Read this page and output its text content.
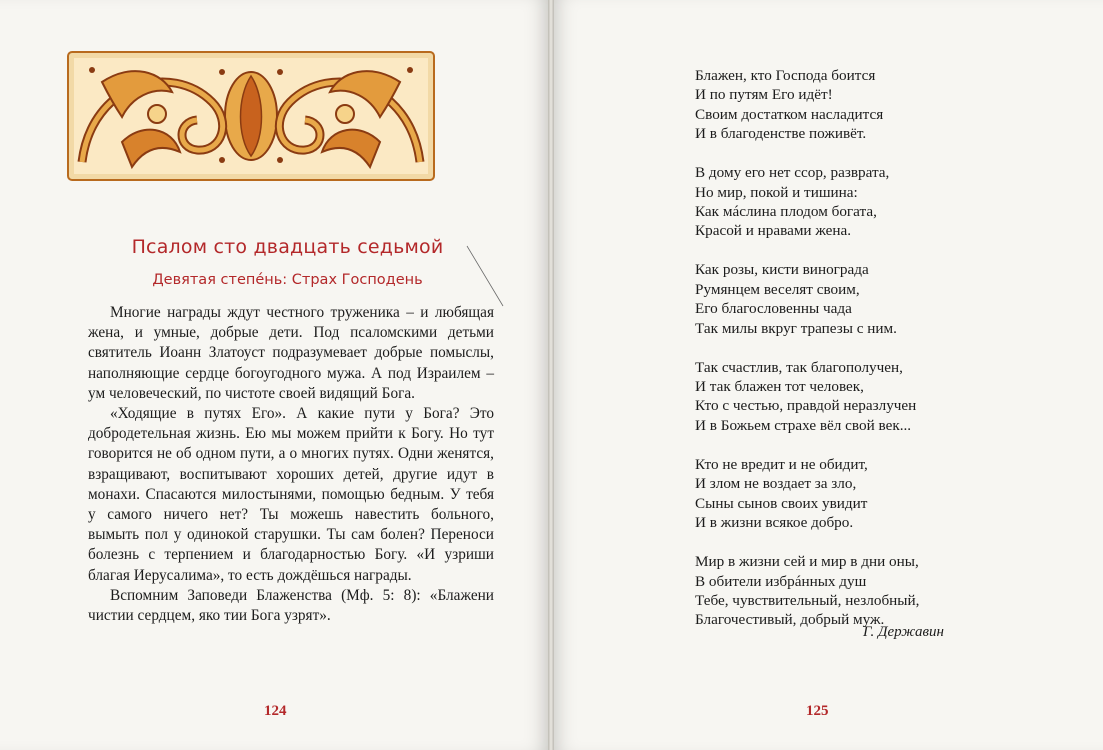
Псалом сто двадцать седьмой
Девятая степéнь: Страх Господень

Многие награды ждут честного труженика – и любящая жена, и умные, добрые дети. Под псаломскими детьми святитель Иоанн Златоуст подразумевает добрые помыслы, наполняющие сердце богоугодного мужа. А под Израилем – ум человеческий, по чистоте своей видящий Бога.

«Ходящие в путях Его». А какие пути у Бога? Это добродетельная жизнь. Ею мы можем прийти к Богу. Но тут говорится не об одном пути, а о многих путях. Одни женятся, взращивают, воспитывают хороших детей, другие идут в монахи. Спасаются милостынями, помощью бедным. У тебя у самого ничего нет? Ты можешь навестить больного, вымыть пол у одинокой старушки. Ты сам болен? Переноси болезнь с терпением и благодарностью Богу. «И узриши благая Иерусалима», то есть дождёшься награды.

Вспомним Заповеди Блаженства (Мф. 5: 8): «Блажени чистии сердцем, яко тии Бога узрят».

124
Блажен, кто Господа боится
И по путям Его идёт!
Своим достатком насладится
И в благоденстве поживёт.
В дому его нет ссор, разврата,
Но мир, покой и тишина:
Как мáслина плодом богата,
Красой и нравами жена.
Как розы, кисти винограда
Румянцем веселят своим,
Его благословенны чада
Так милы вкруг трапезы с ним.
Так счастлив, так благополучен,
И так блажен тот человек,
Кто с честью, правдой неразлучен
И в Божьем страхе вёл свой век...
Кто не вредит и не обидит,
И злом не воздает за зло,
Сыны сынов своих увидит
И в жизни всякое добро.
Мир в жизни сей и мир в дни оны,
В обители избрáнных душ
Тебе, чувствительный, незлобный,
Благочестивый, добрый муж.
Г. Державин
125
